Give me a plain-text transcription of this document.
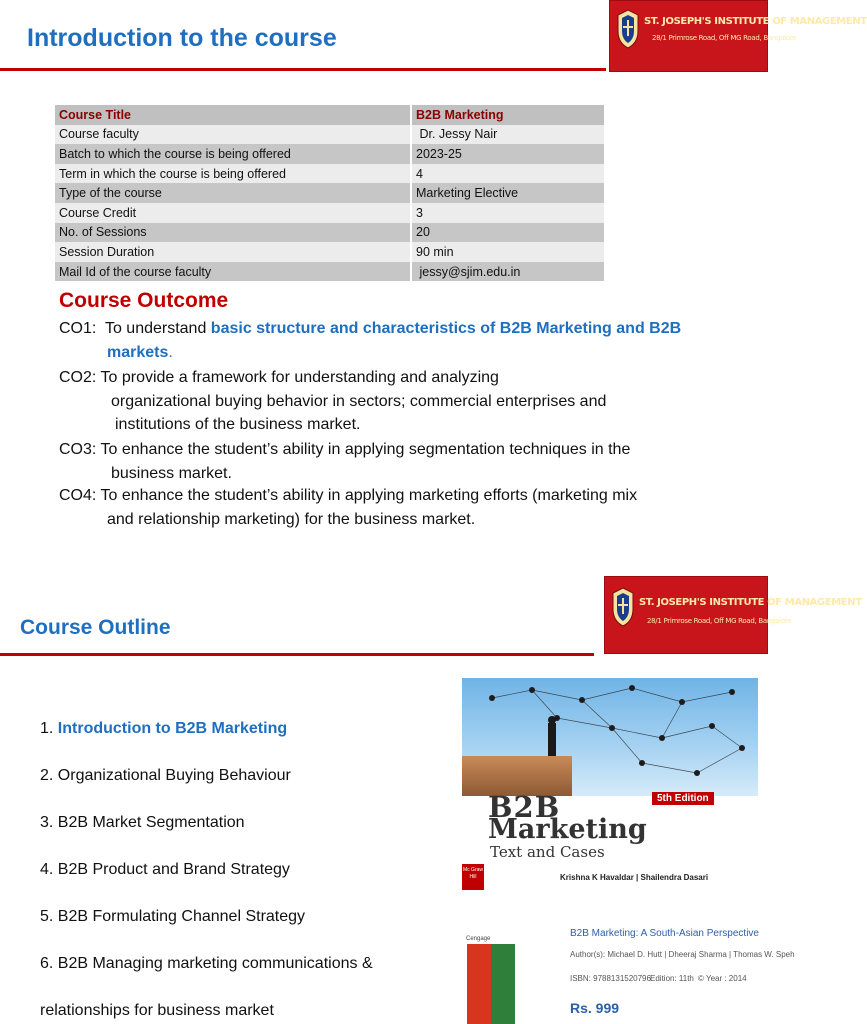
Introduction to the course
ST. JOSEPH'S INSTITUTE OF MANAGEMENT
28/1 Primrose Road, Off MG Road, Bangalore
Course Title	B2B Marketing
Course faculty	Dr. Jessy Nair
Batch to which the course is being offered	2023-25
Term in which the course is being offered	4
Type of the course	Marketing Elective
Course Credit	3
No. of Sessions	20
Session Duration	90 min
Mail Id of the course faculty	jessy@sjim.edu.in
Course Outcome
CO1:  To understand basic structure and characteristics of B2B Marketing and B2B
markets.
CO2: To provide a framework for understanding and analyzing
organizational buying behavior in sectors; commercial enterprises and
institutions of the business market.
CO3: To enhance the student’s ability in applying segmentation techniques in the
business market.
CO4: To enhance the student’s ability in applying marketing efforts (marketing mix
and relationship marketing) for the business market.
Course Outline
ST. JOSEPH'S INSTITUTE OF MANAGEMENT
28/1 Primrose Road, Off MG Road, Bangalore
1. Introduction to B2B Marketing
2. Organizational Buying Behaviour
3. B2B Market Segmentation
4. B2B Product and Brand Strategy
5. B2B Formulating Channel Strategy
6. B2B Managing marketing communications &
relationships for business market
5th Edition
B2B
Marketing
Text and Cases
Mc Graw Hill	Krishna K Havaldar | Shailendra Dasari
Cengage	B2B Marketing: A South-Asian Perspective
Author(s): Michael D. Hutt | Dheeraj Sharma | Thomas W. Speh
ISBN: 9788131520796 Edition: 11th © Year : 2014
Rs. 999
